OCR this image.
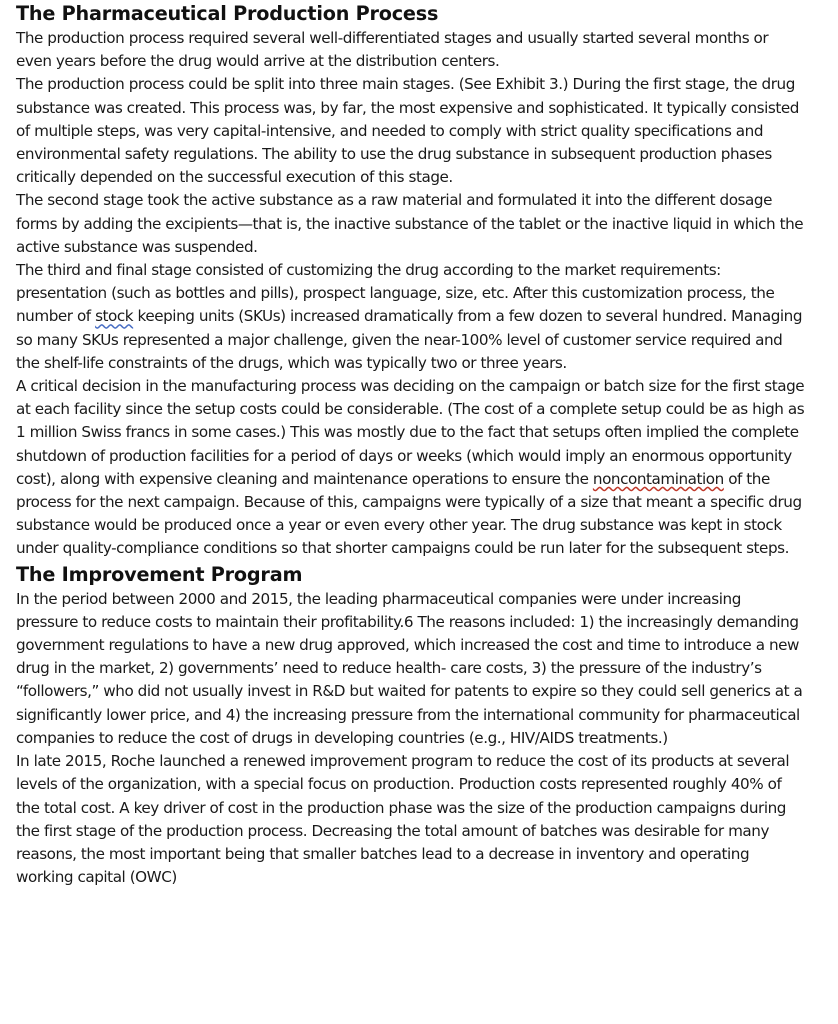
The Pharmaceutical Production Process

The production process required several well-differentiated stages and usually started several months or even years before the drug would arrive at the distribution centers.

The production process could be split into three main stages. (See Exhibit 3.) During the first stage, the drug substance was created. This process was, by far, the most expensive and sophisticated. It typically consisted of multiple steps, was very capital-intensive, and needed to comply with strict quality specifications and environmental safety regulations. The ability to use the drug substance in subsequent production phases critically depended on the successful execution of this stage.

The second stage took the active substance as a raw material and formulated it into the different dosage forms by adding the excipients—that is, the inactive substance of the tablet or the inactive liquid in which the active substance was suspended.

The third and final stage consisted of customizing the drug according to the market requirements: presentation (such as bottles and pills), prospect language, size, etc. After this customization process, the number of stock keeping units (SKUs) increased dramatically from a few dozen to several hundred. Managing so many SKUs represented a major challenge, given the near-100% level of customer service required and the shelf-life constraints of the drugs, which was typically two or three years.

A critical decision in the manufacturing process was deciding on the campaign or batch size for the first stage at each facility since the setup costs could be considerable. (The cost of a complete setup could be as high as 1 million Swiss francs in some cases.) This was mostly due to the fact that setups often implied the complete shutdown of production facilities for a period of days or weeks (which would imply an enormous opportunity cost), along with expensive cleaning and maintenance operations to ensure the noncontamination of the process for the next campaign. Because of this, campaigns were typically of a size that meant a specific drug substance would be produced once a year or even every other year. The drug substance was kept in stock under quality-compliance conditions so that shorter campaigns could be run later for the subsequent steps.

The Improvement Program

In the period between 2000 and 2015, the leading pharmaceutical companies were under increasing pressure to reduce costs to maintain their profitability.6 The reasons included: 1) the increasingly demanding government regulations to have a new drug approved, which increased the cost and time to introduce a new drug in the market, 2) governments’ need to reduce health- care costs, 3) the pressure of the industry’s “followers,” who did not usually invest in R&D but waited for patents to expire so they could sell generics at a significantly lower price, and 4) the increasing pressure from the international community for pharmaceutical companies to reduce the cost of drugs in developing countries (e.g., HIV/AIDS treatments.)

In late 2015, Roche launched a renewed improvement program to reduce the cost of its products at several levels of the organization, with a special focus on production. Production costs represented roughly 40% of the total cost. A key driver of cost in the production phase was the size of the production campaigns during the first stage of the production process. Decreasing the total amount of batches was desirable for many reasons, the most important being that smaller batches lead to a decrease in inventory and operating working capital (OWC)
